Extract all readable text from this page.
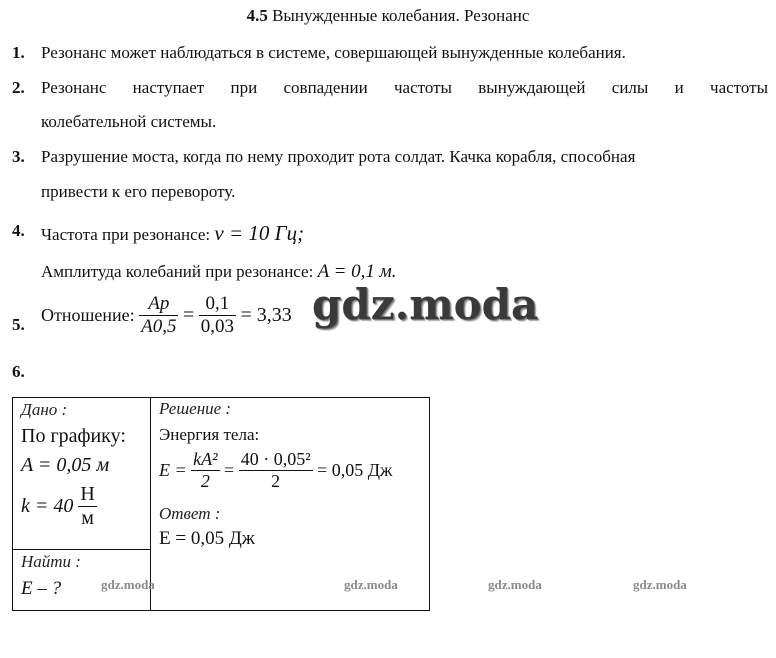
4.5 Вынужденные колебания. Резонанс
1. Резонанс может наблюдаться в системе, совершающей вынужденные колебания.
2. Резонанс наступает при совпадении частоты вынуждающей силы и частоты
колебательной системы.
3. Разрушение моста, когда по нему проходит рота солдат. Качка корабля, способная
привести к его перевороту.
4. Частота при резонансе: ν = 10 Гц;
Амплитуда колебаний при резонансе: A = 0,1 м.
5. Отношение: $\frac{Ap}{A0,5} = \frac{0,1}{0,03} = 3,33$ gdz.moda
6.
Дано :
По графику:
A = 0,05 м
$k = 40 \frac{Н}{м}$

Решение :
Энергия тела:
$E = \frac{\text{kA²}}{2} = \frac{\text{40 · 0,05²}}{2} = 0,05$ Дж
Ответ :
E = 0,05 Дж

Найти :
E – ?	gdz.moda	gdz.moda	gdz.moda	gdz.moda
